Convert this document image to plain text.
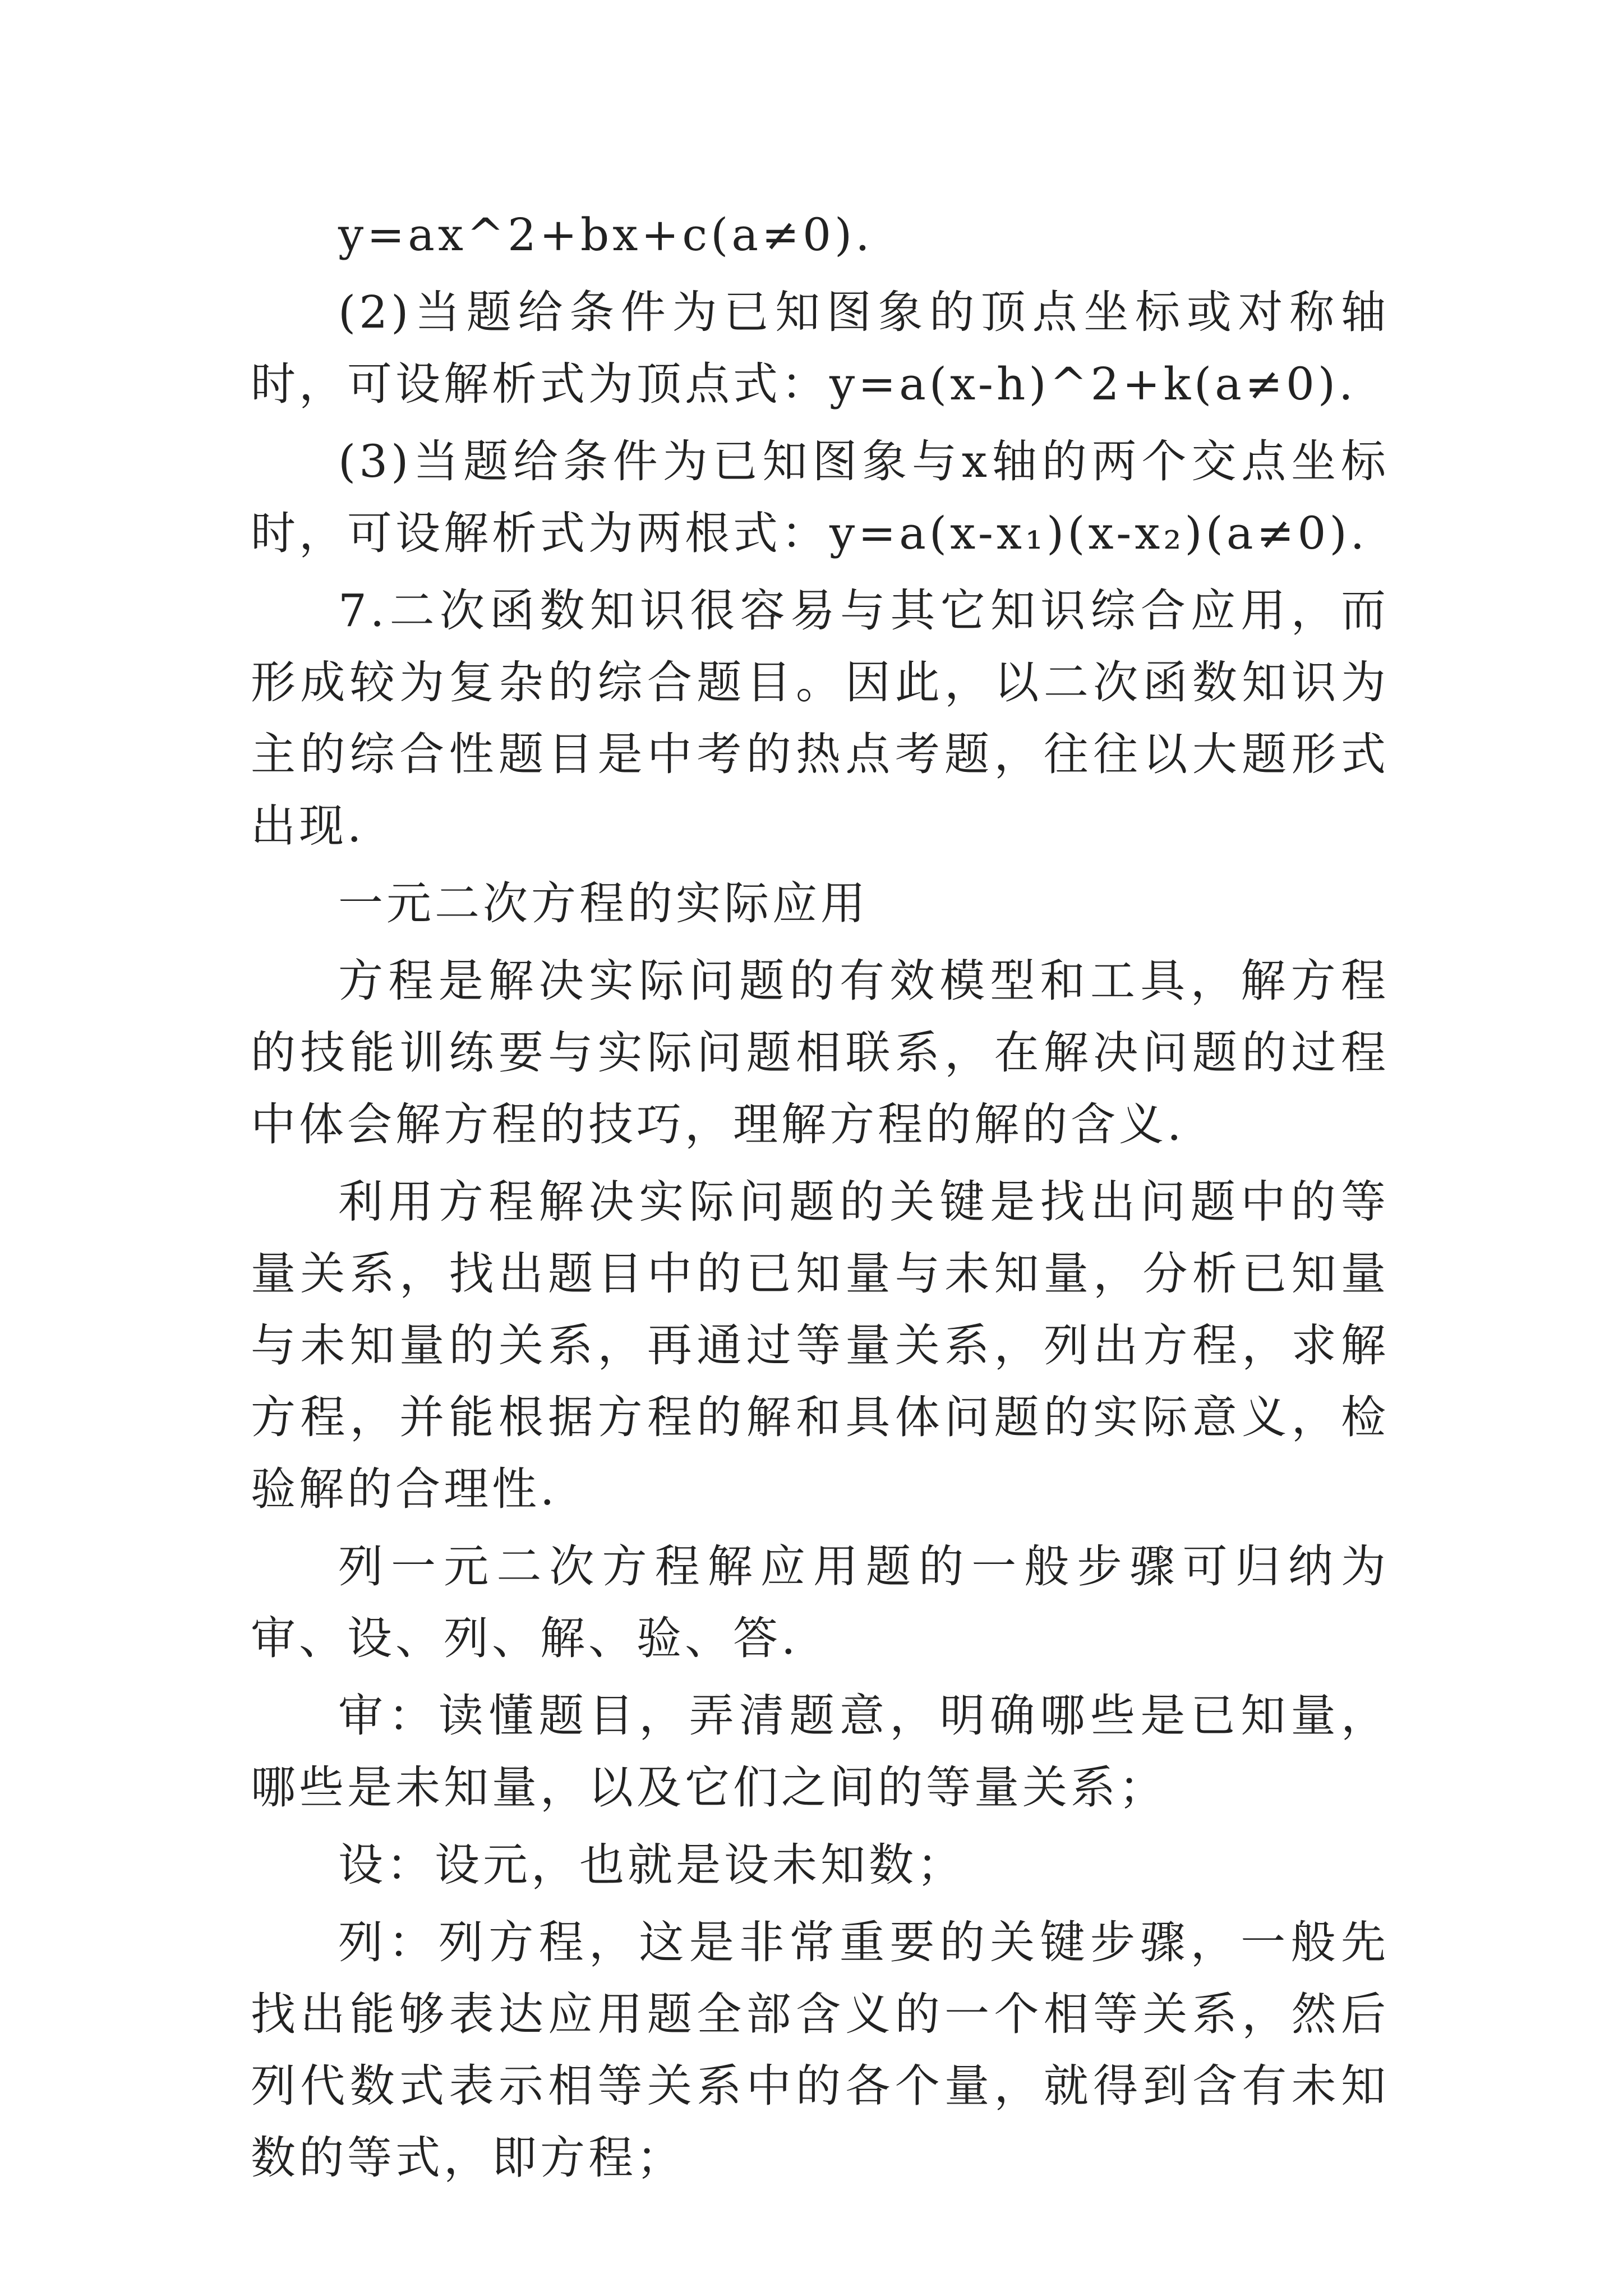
y=ax^2+bx+c(a≠0).

(2)当题给条件为已知图象的顶点坐标或对称轴时，可设解析式为顶点式：y=a(x-h)^2+k(a≠0).

(3)当题给条件为已知图象与x轴的两个交点坐标时，可设解析式为两根式：y=a(x-x₁)(x-x₂)(a≠0).

7.二次函数知识很容易与其它知识综合应用，而形成较为复杂的综合题目。因此，以二次函数知识为主的综合性题目是中考的热点考题，往往以大题形式出现.

一元二次方程的实际应用

方程是解决实际问题的有效模型和工具，解方程的技能训练要与实际问题相联系，在解决问题的过程中体会解方程的技巧，理解方程的解的含义.

利用方程解决实际问题的关键是找出问题中的等量关系，找出题目中的已知量与未知量，分析已知量与未知量的关系，再通过等量关系，列出方程，求解方程，并能根据方程的解和具体问题的实际意义，检验解的合理性.

列一元二次方程解应用题的一般步骤可归纳为审、设、列、解、验、答.

审：读懂题目，弄清题意，明确哪些是已知量，哪些是未知量，以及它们之间的等量关系；

设：设元，也就是设未知数；

列：列方程，这是非常重要的关键步骤，一般先找出能够表达应用题全部含义的一个相等关系，然后列代数式表示相等关系中的各个量，就得到含有未知数的等式，即方程；
